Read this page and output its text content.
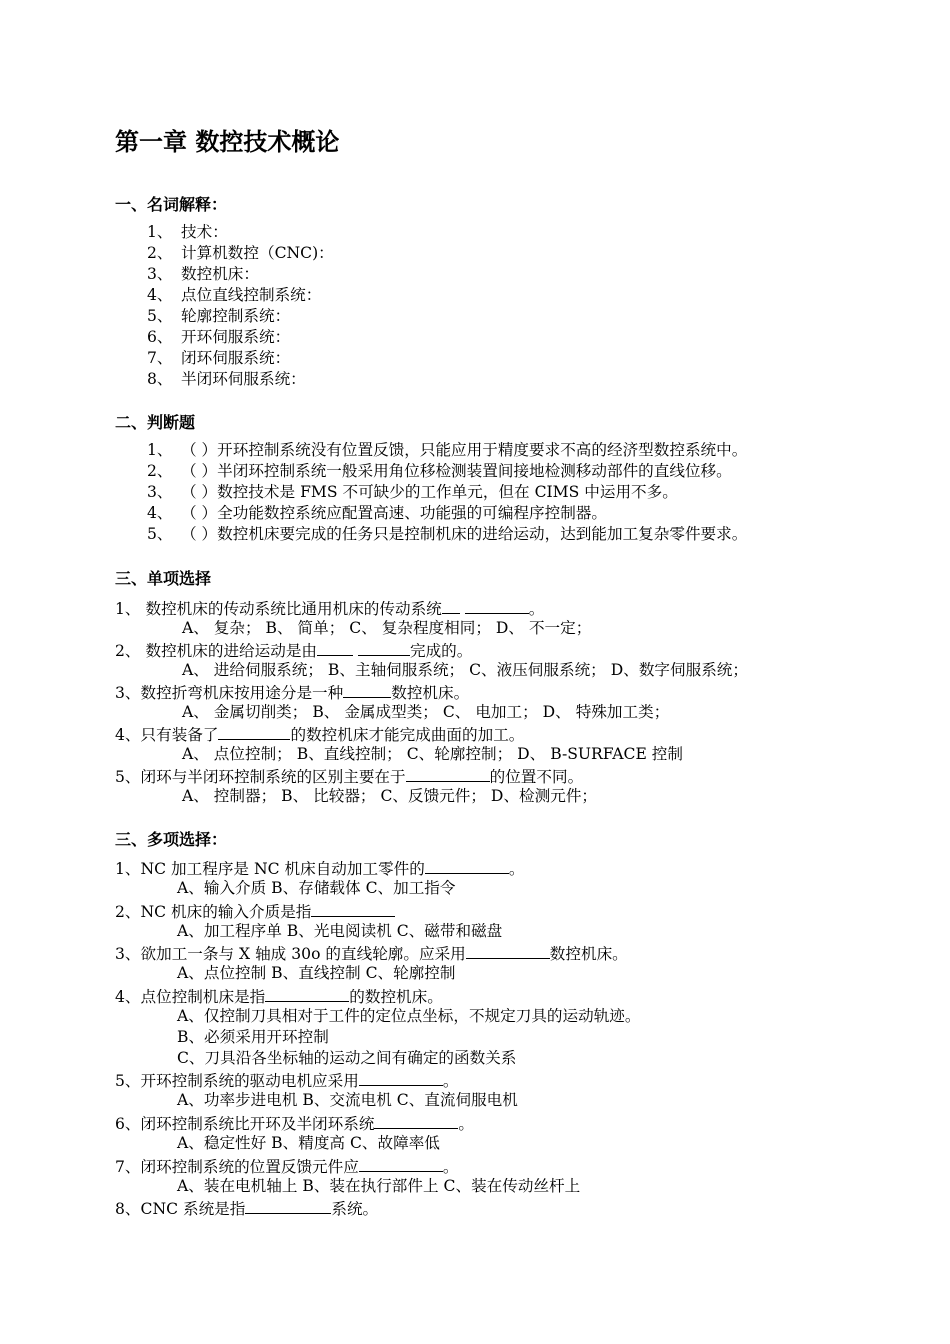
第一章 数控技术概论
一、名词解释：
1、 技术：
2、 计算机数控（CNC)：
3、 数控机床：
4、 点位直线控制系统：
5、 轮廓控制系统：
6、 开环伺服系统：
7、 闭环伺服系统：
8、 半闭环伺服系统：
二、判断题
1、 （ ）开环控制系统没有位置反馈，只能应用于精度要求不高的经济型数控系统中。
2、 （ ）半闭环控制系统一般采用角位移检测装置间接地检测移动部件的直线位移。
3、 （ ）数控技术是 FMS 不可缺少的工作单元，但在 CIMS 中运用不多。
4、 （ ）全功能数控系统应配置高速、功能强的可编程序控制器。
5、 （ ）数控机床要完成的任务只是控制机床的进给运动，达到能加工复杂零件要求。
三、单项选择
1、 数控机床的传动系统比通用机床的传动系统	。
A、 复杂； B、 简单； C、 复杂程度相同； D、 不一定；
2、 数控机床的进给运动是由	完成的。
A、 进给伺服系统； B、主轴伺服系统； C、液压伺服系统； D、数字伺服系统；
3、数控折弯机床按用途分是一种	数控机床。
A、 金属切削类； B、 金属成型类； C、 电加工； D、 特殊加工类；
4、只有装备了	的数控机床才能完成曲面的加工。
A、 点位控制； B、直线控制； C、轮廓控制； D、 B-SURFACE 控制
5、闭环与半闭环控制系统的区别主要在于	的位置不同。
A、 控制器； B、 比较器； C、反馈元件； D、检测元件；
三、多项选择：
1、NC 加工程序是 NC 机床自动加工零件的	。
A、输入介质 B、存储载体 C、加工指令
2、NC 机床的输入介质是指
A、加工程序单 B、光电阅读机 C、磁带和磁盘
3、欲加工一条与 X 轴成 30o 的直线轮廓。应采用	数控机床。
A、点位控制 B、直线控制 C、轮廓控制
4、点位控制机床是指	的数控机床。
A、仅控制刀具相对于工件的定位点坐标，不规定刀具的运动轨迹。
B、必须采用开环控制
C、刀具沿各坐标轴的运动之间有确定的函数关系
5、开环控制系统的驱动电机应采用	。
A、功率步进电机 B、交流电机 C、直流伺服电机
6、闭环控制系统比开环及半闭环系统	。
A、稳定性好 B、精度高 C、故障率低
7、闭环控制系统的位置反馈元件应	。
A、装在电机轴上 B、装在执行部件上 C、装在传动丝杆上
8、CNC 系统是指	系统。
